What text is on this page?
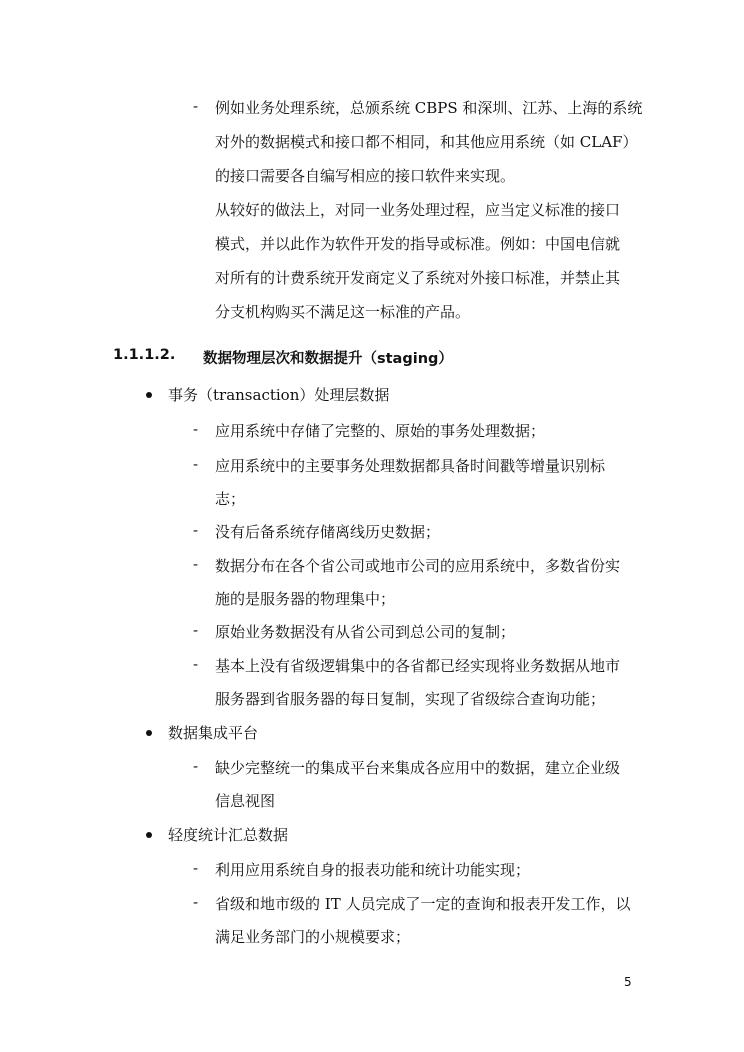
- 例如业务处理系统，总颁系统 CBPS 和深圳、江苏、上海的系统
对外的数据模式和接口都不相同，和其他应用系统（如 CLAF）
的接口需要各自编写相应的接口软件来实现。
从较好的做法上，对同一业务处理过程，应当定义标准的接口
模式，并以此作为软件开发的指导或标准。例如：中国电信就
对所有的计费系统开发商定义了系统对外接口标准，并禁止其
分支机构购买不满足这一标准的产品。
1.1.1.2. 数据物理层次和数据提升（staging）
事务（transaction）处理层数据
- 应用系统中存储了完整的、原始的事务处理数据；
- 应用系统中的主要事务处理数据都具备时间戳等增量识别标
志；
- 没有后备系统存储离线历史数据；
- 数据分布在各个省公司或地市公司的应用系统中，多数省份实
施的是服务器的物理集中；
- 原始业务数据没有从省公司到总公司的复制；
- 基本上没有省级逻辑集中的各省都已经实现将业务数据从地市
服务器到省服务器的每日复制，实现了省级综合查询功能；
数据集成平台
- 缺少完整统一的集成平台来集成各应用中的数据，建立企业级
信息视图
轻度统计汇总数据
- 利用应用系统自身的报表功能和统计功能实现；
- 省级和地市级的 IT 人员完成了一定的查询和报表开发工作，以
满足业务部门的小规模要求；
5
